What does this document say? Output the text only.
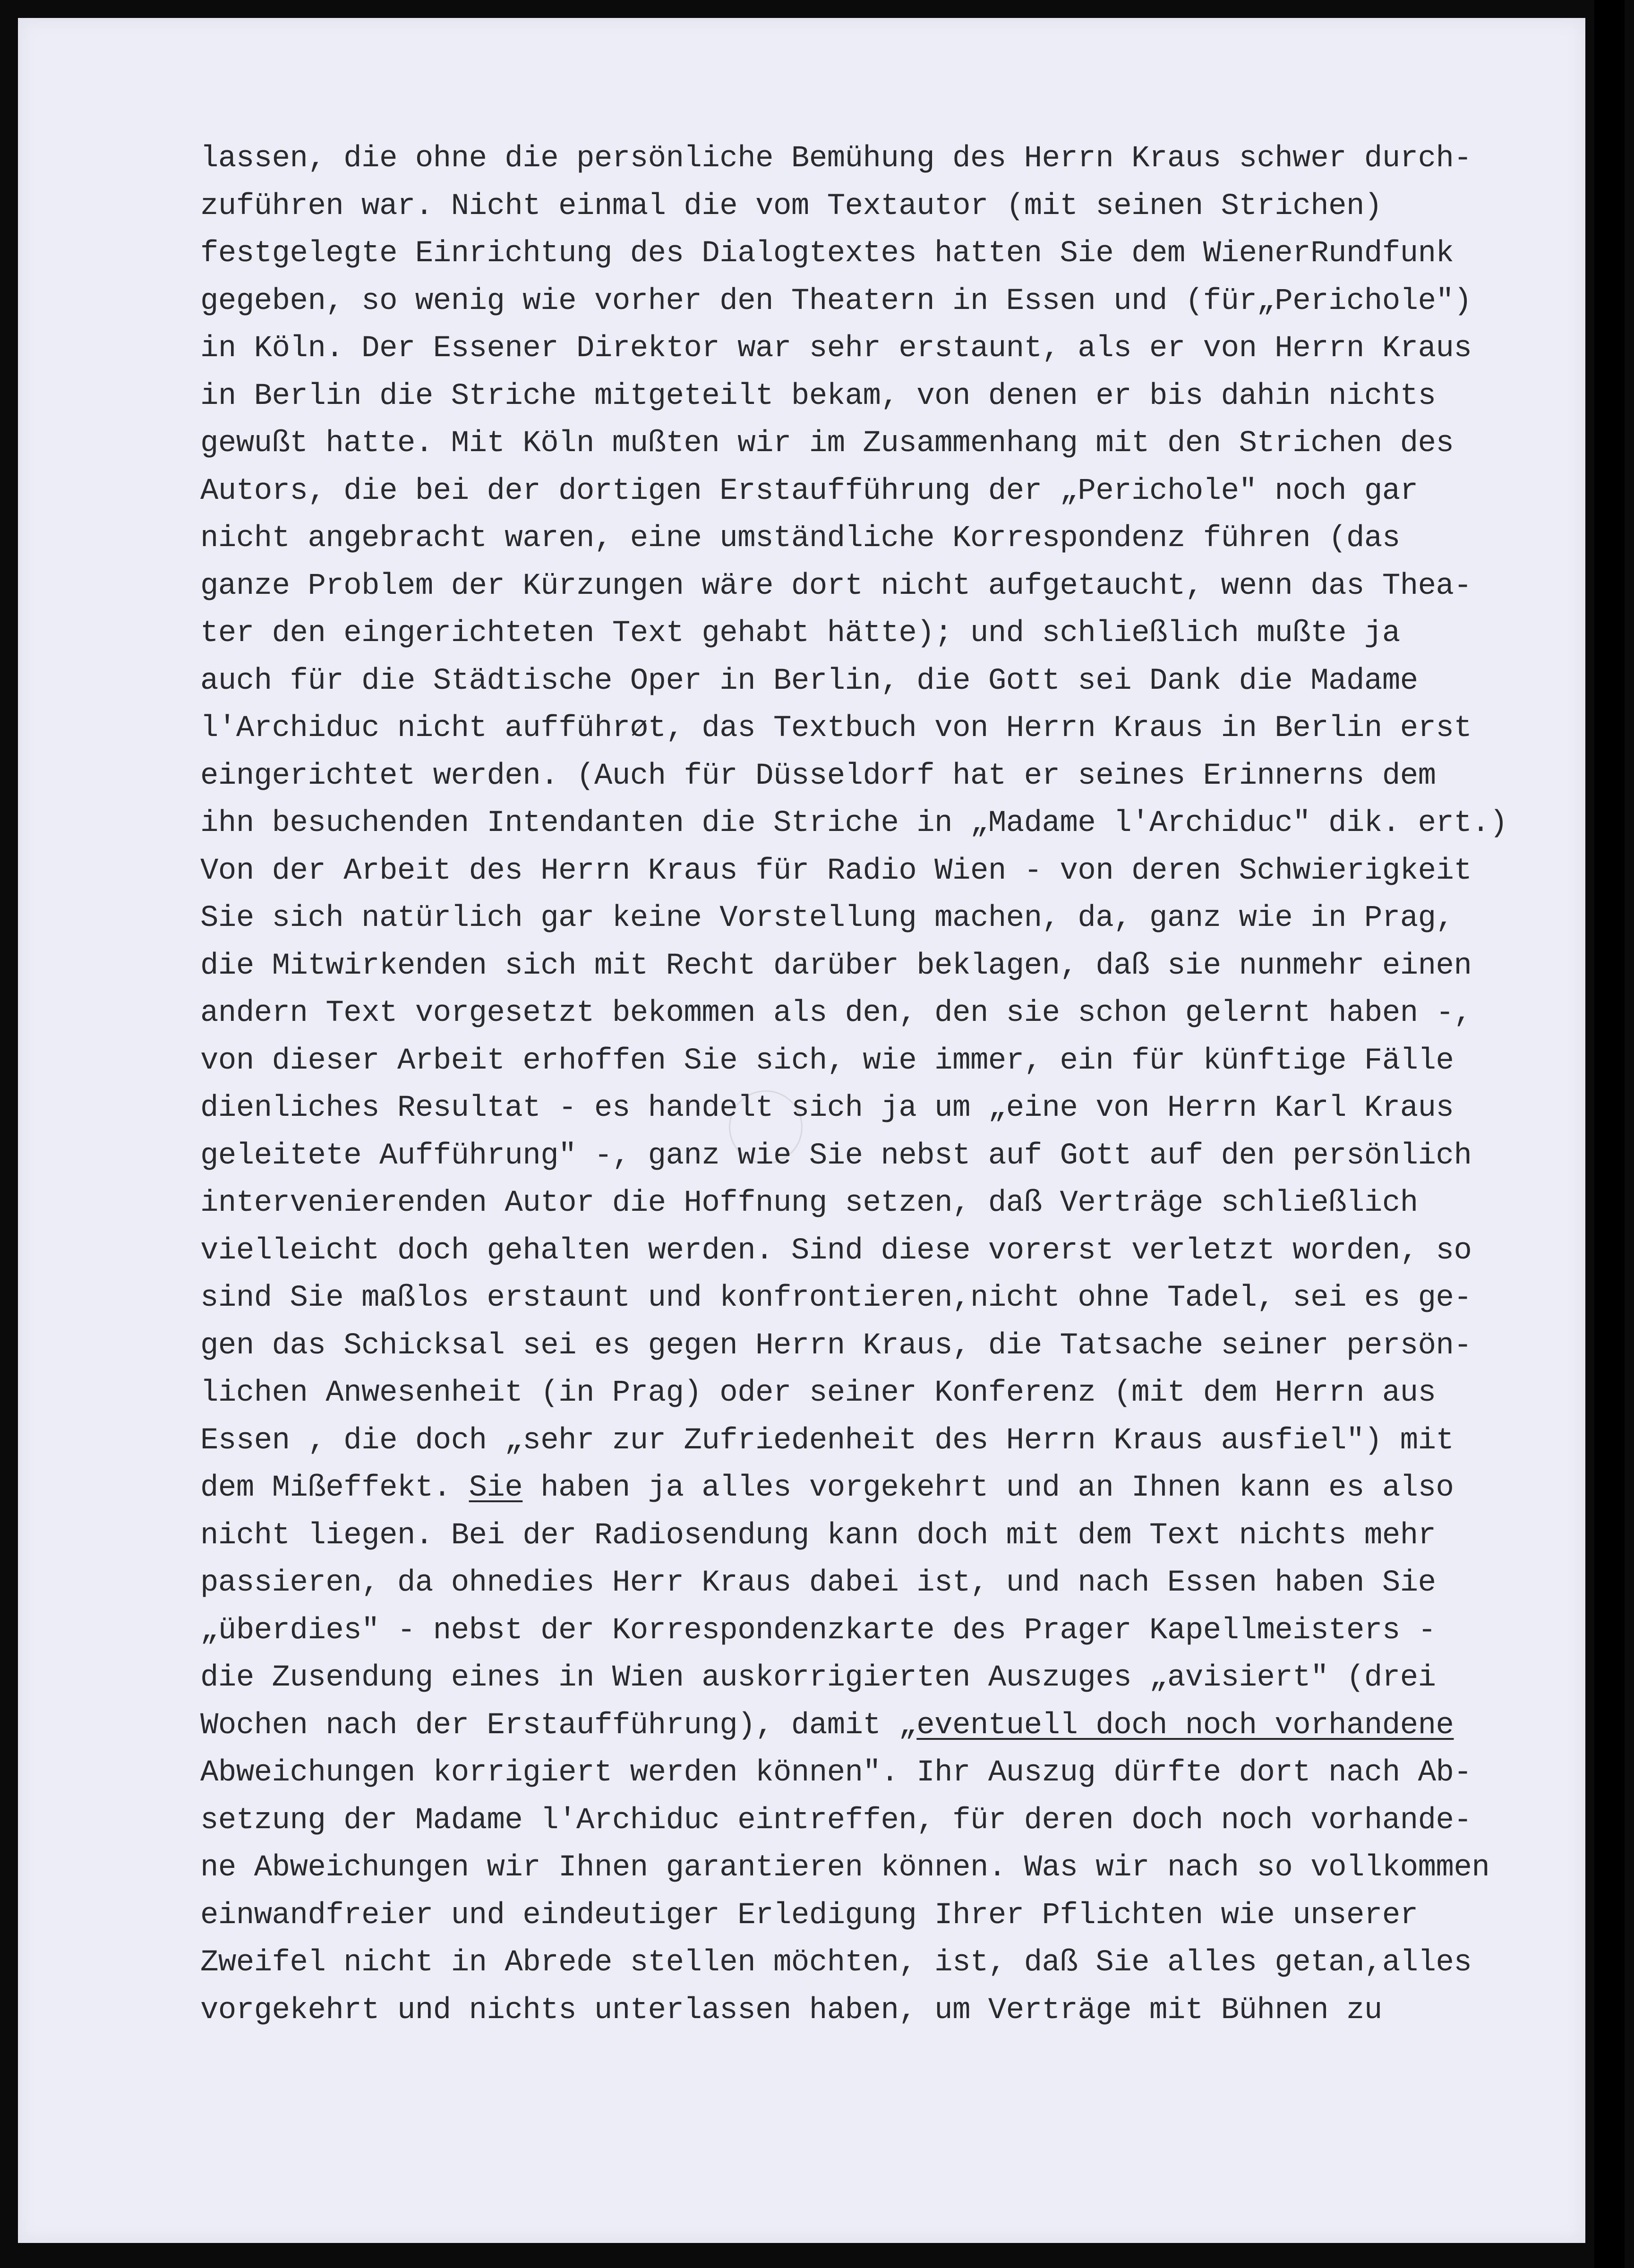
lassen, die ohne die persönliche Bemühung des Herrn Kraus schwer durch-
zuführen war. Nicht einmal die vom Textautor (mit seinen Strichen)
festgelegte Einrichtung des Dialogtextes hatten Sie dem WienerRundfunk
gegeben, so wenig wie vorher den Theatern in Essen und (für„Perichole")
in Köln. Der Essener Direktor war sehr erstaunt, als er von Herrn Kraus
in Berlin die Striche mitgeteilt bekam, von denen er bis dahin nichts
gewußt hatte. Mit Köln mußten wir im Zusammenhang mit den Strichen des
Autors, die bei der dortigen Erstaufführung der „Perichole" noch gar
nicht angebracht waren, eine umständliche Korrespondenz führen (das
ganze Problem der Kürzungen wäre dort nicht aufgetaucht, wenn das Thea-
ter den eingerichteten Text gehabt hätte); und schließlich mußte ja
auch für die Städtische Oper in Berlin, die Gott sei Dank die Madame
l'Archiduc nicht aufführøt, das Textbuch von Herrn Kraus in Berlin erst
eingerichtet werden. (Auch für Düsseldorf hat er seines Erinnerns dem
ihn besuchenden Intendanten die Striche in „Madame l'Archiduc" dik. ert.)
Von der Arbeit des Herrn Kraus für Radio Wien - von deren Schwierigkeit
Sie sich natürlich gar keine Vorstellung machen, da, ganz wie in Prag,
die Mitwirkenden sich mit Recht darüber beklagen, daß sie nunmehr einen
andern Text vorgesetzt bekommen als den, den sie schon gelernt haben -,
von dieser Arbeit erhoffen Sie sich, wie immer, ein für künftige Fälle
dienliches Resultat - es handelt sich ja um „eine von Herrn Karl Kraus
geleitete Aufführung" -, ganz wie Sie nebst auf Gott auf den persönlich
intervenierenden Autor die Hoffnung setzen, daß Verträge schließlich
vielleicht doch gehalten werden. Sind diese vorerst verletzt worden, so
sind Sie maßlos erstaunt und konfrontieren,nicht ohne Tadel, sei es ge-
gen das Schicksal sei es gegen Herrn Kraus, die Tatsache seiner persön-
lichen Anwesenheit (in Prag) oder seiner Konferenz (mit dem Herrn aus
Essen , die doch „sehr zur Zufriedenheit des Herrn Kraus ausfiel") mit
dem Mißeffekt. Sie haben ja alles vorgekehrt und an Ihnen kann es also
nicht liegen. Bei der Radiosendung kann doch mit dem Text nichts mehr
passieren, da ohnedies Herr Kraus dabei ist, und nach Essen haben Sie
„überdies" - nebst der Korrespondenzkarte des Prager Kapellmeisters -
die Zusendung eines in Wien auskorrigierten Auszuges „avisiert" (drei
Wochen nach der Erstaufführung), damit „eventuell doch noch vorhandene
Abweichungen korrigiert werden können". Ihr Auszug dürfte dort nach Ab-
setzung der Madame l'Archiduc eintreffen, für deren doch noch vorhande-
ne Abweichungen wir Ihnen garantieren können. Was wir nach so vollkommen
einwandfreier und eindeutiger Erledigung Ihrer Pflichten wie unserer
Zweifel nicht in Abrede stellen möchten, ist, daß Sie alles getan,alles
vorgekehrt und nichts unterlassen haben, um Verträge mit Bühnen zu
